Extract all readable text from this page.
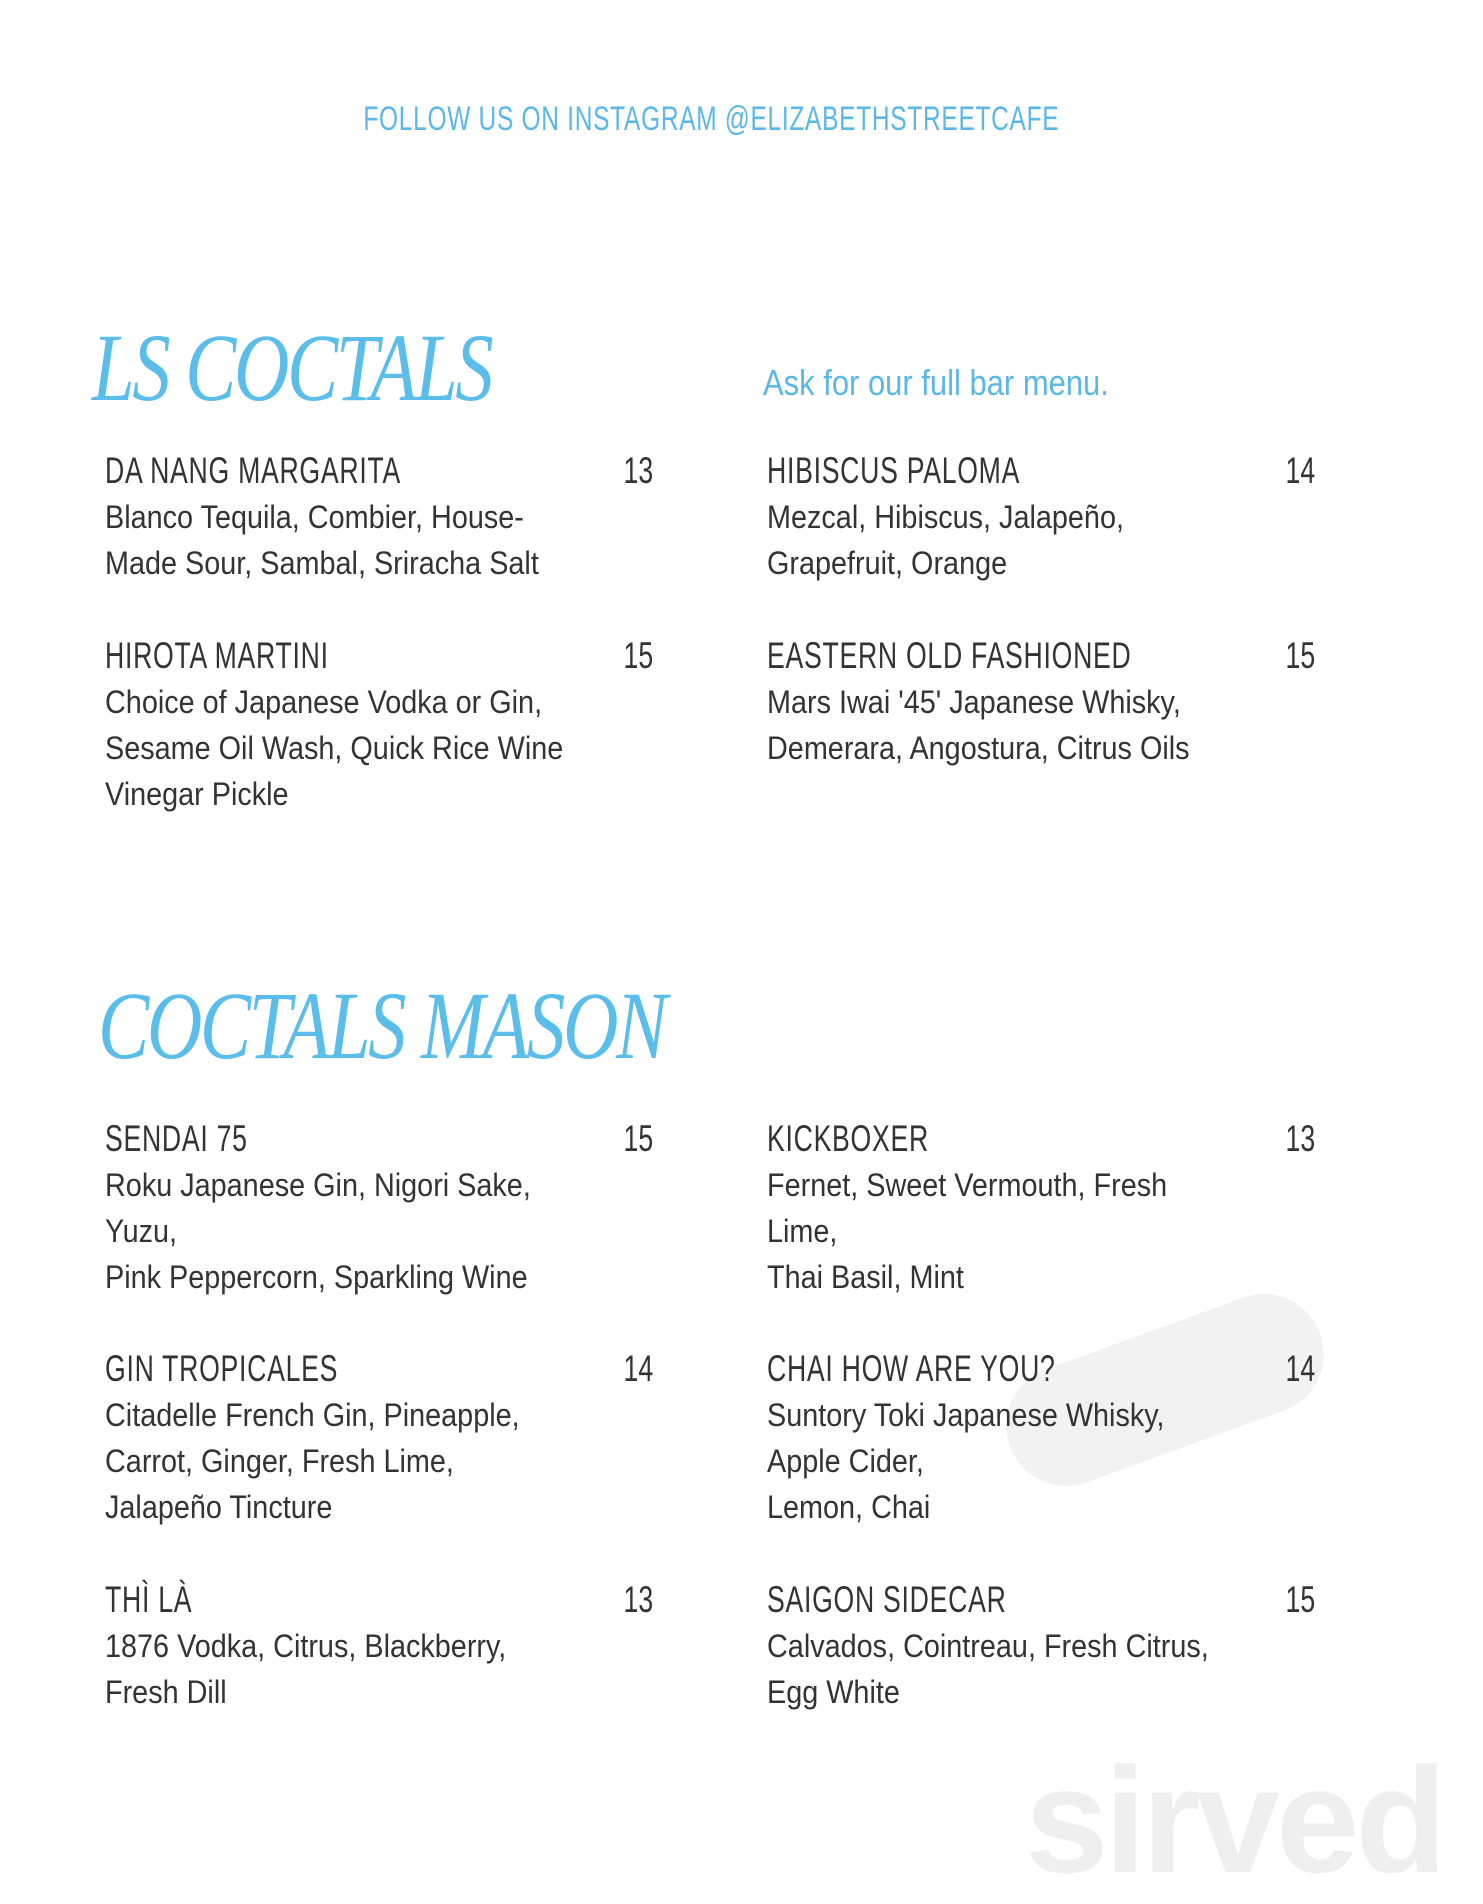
sirved
FOLLOW US ON INSTAGRAM @ELIZABETHSTREETCAFE
LS COCTALS	Ask for our full bar menu.
COCTALS MASON
DA NANG MARGARITA	13
Blanco Tequila, Combier, House-
Made Sour, Sambal, Sriracha Salt
HIBISCUS PALOMA	14
Mezcal, Hibiscus, Jalapeño,
Grapefruit, Orange
HIROTA MARTINI	15
Choice of Japanese Vodka or Gin,
Sesame Oil Wash, Quick Rice Wine
Vinegar Pickle
EASTERN OLD FASHIONED	15
Mars Iwai '45' Japanese Whisky,
Demerara, Angostura, Citrus Oils
SENDAI 75	15
Roku Japanese Gin, Nigori Sake,
Yuzu,
Pink Peppercorn, Sparkling Wine
KICKBOXER	13
Fernet, Sweet Vermouth, Fresh
Lime,
Thai Basil, Mint
GIN TROPICALES	14
Citadelle French Gin, Pineapple,
Carrot, Ginger, Fresh Lime,
Jalapeño Tincture
CHAI HOW ARE YOU?	14
Suntory Toki Japanese Whisky,
Apple Cider,
Lemon, Chai
THÌ LÀ	13
1876 Vodka, Citrus, Blackberry,
Fresh Dill
SAIGON SIDECAR	15
Calvados, Cointreau, Fresh Citrus,
Egg White
